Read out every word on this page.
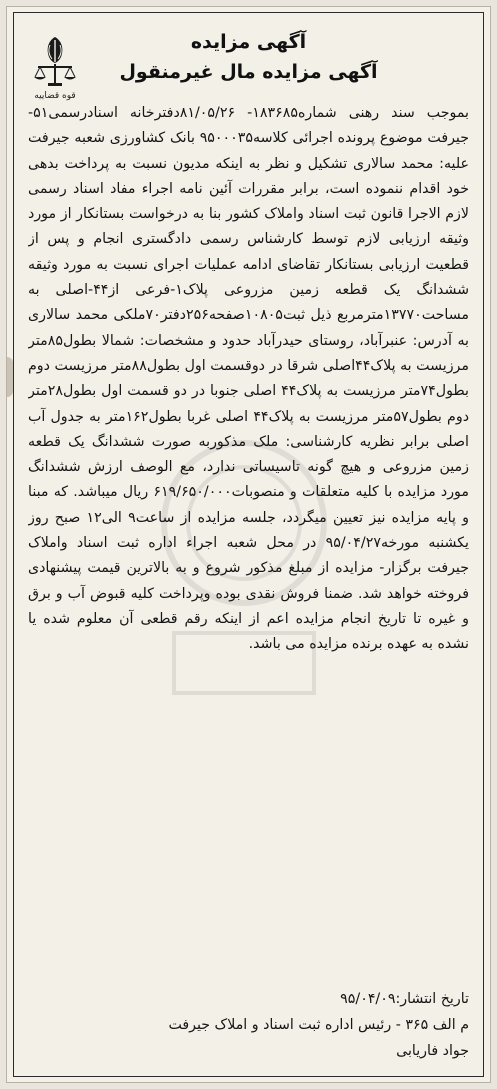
آگهی مزایده
آگهی مزایده مال غیرمنقول
قوه قضاییه

بموجب سند رهنی شماره۱۸۳۶۸۵- ۸۱/۰۵/۲۶دفترخانه اسنادرسمی۵۱-جیرفت موضوع پرونده اجرائی کلاسه۹۵۰۰۰۳۵ بانک کشاورزی شعبه جیرفت علیه: محمد سالاری تشکیل و نظر به اینکه مدیون نسبت به پرداخت بدهی خود اقدام ننموده است، برابر مقررات آئین نامه اجراء مفاد اسناد رسمی لازم الاجرا قانون ثبت اسناد واملاک کشور بنا به درخواست بستانکار از مورد وثیقه ارزیابی لازم توسط کارشناس رسمی دادگستری انجام و پس از قطعیت ارزیابی بستانکار تقاضای ادامه عملیات اجرای نسبت به مورد وثیقه ششدانگ یک قطعه زمین مزروعی پلاک۱-فرعی از۴۴-اصلی به مساحت۱۳۷۷۰مترمربع ذیل ثبت۱۰۸۰۵صفحه۲۵۶دفتر۷۰ملکی محمد سالاری به آدرس: عنبرآباد، روستای حیدرآباد حدود و مشخصات: شمالا بطول۸۵متر مرزیست به پلاک۴۴اصلی شرقا در دوقسمت اول بطول۸۸متر مرزیست دوم بطول۷۴متر مرزیست به پلاک۴۴ اصلی جنوبا در دو قسمت اول بطول۲۸متر دوم بطول۵۷متر مرزیست به پلاک۴۴ اصلی غربا بطول۱۶۲متر به جدول آب اصلی برابر نظریه کارشناسی: ملک مذکوربه صورت ششدانگ یک قطعه زمین مزروعی و هیچ گونه تاسیساتی ندارد، مع الوصف ارزش ششدانگ مورد مزایده با کلیه متعلقات و منصوبات۶۱۹/۶۵۰/۰۰۰ ریال میباشد. که مبنا و پایه مزایده نیز تعیین میگردد، جلسه مزایده از ساعت۹ الی۱۲ صبح روز یکشنبه مورخه۹۵/۰۴/۲۷ در محل شعبه اجراء اداره ثبت اسناد واملاک جیرفت برگزار- مزایده از مبلغ مذکور شروع و به بالاترین قیمت پیشنهادی فروخته خواهد شد. ضمنا فروش نقدی بوده وپرداخت کلیه قبوض آب و برق و غیره تا تاریخ انجام مزایده اعم از اینکه رقم قطعی آن معلوم شده یا نشده به عهده برنده مزایده می باشد.

تاریخ انتشار:۹۵/۰۴/۰۹
م الف ۳۶۵ - رئیس اداره ثبت اسناد و املاک جیرفت
جواد فاریابی
